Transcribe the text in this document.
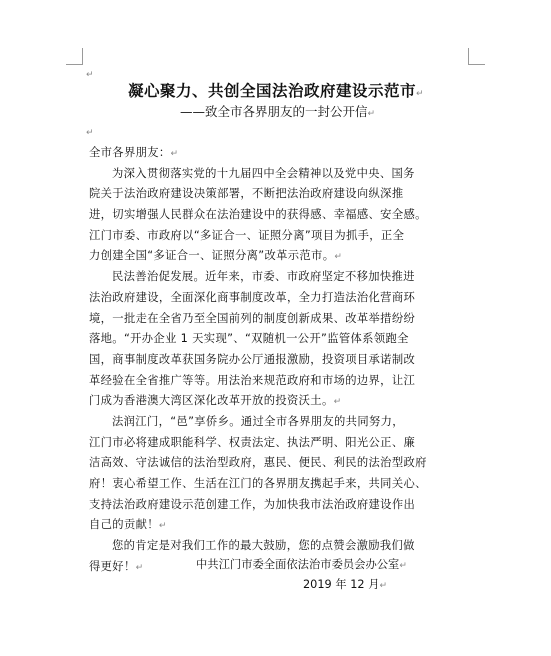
↵
凝心聚力、共创全国法治政府建设示范市↵
——致全市各界朋友的一封公开信↵
↵
全市各界朋友：↵
为深入贯彻落实党的十九届四中全会精神以及党中央、国务
院关于法治政府建设决策部署，不断把法治政府建设向纵深推
进，切实增强人民群众在法治建设中的获得感、幸福感、安全感。
江门市委、市政府以“多证合一、证照分离”项目为抓手，正全
力创建全国“多证合一、证照分离”改革示范市。↵
民法善治促发展。近年来，市委、市政府坚定不移加快推进
法治政府建设，全面深化商事制度改革，全力打造法治化营商环
境，一批走在全省乃至全国前列的制度创新成果、改革举措纷纷
落地。“开办企业 1 天实现”、“双随机一公开”监管体系领跑全
国，商事制度改革获国务院办公厅通报激励，投资项目承诺制改
革经验在全省推广等等。用法治来规范政府和市场的边界，让江
门成为香港澳大湾区深化改革开放的投资沃土。↵
法润江门，“邑”享侨乡。通过全市各界朋友的共同努力，
江门市必将建成职能科学、权责法定、执法严明、阳光公正、廉
洁高效、守法诚信的法治型政府，惠民、便民、利民的法治型政府
府！衷心希望工作、生活在江门的各界朋友携起手来，共同关心、
支持法治政府建设示范创建工作，为加快我市法治政府建设作出
自己的贡献！↵
您的肯定是对我们工作的最大鼓励，您的点赞会激励我们做
得更好！↵	中共江门市委全面依法治市委员会办公室↵
2019 年 12 月↵
